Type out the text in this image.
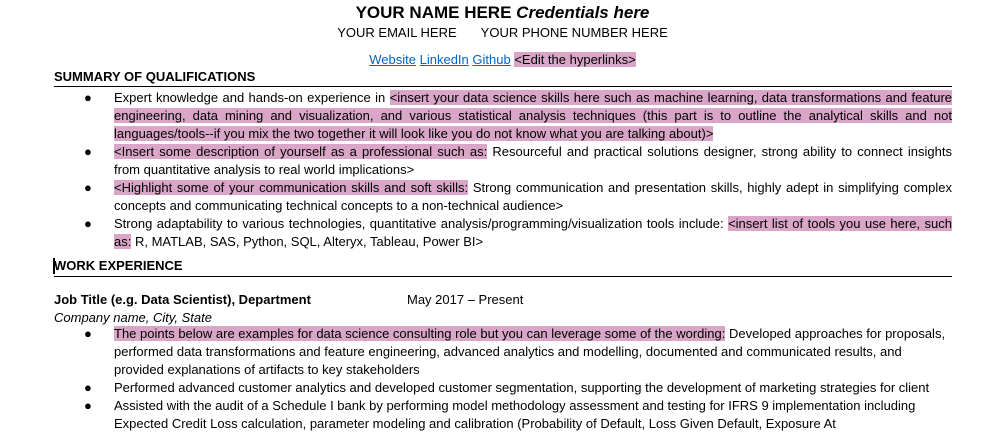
YOUR NAME HERE Credentials here
YOUR EMAIL HERE YOUR PHONE NUMBER HERE
Website LinkedIn Github <Edit the hyperlinks>
SUMMARY OF QUALIFICATIONS
● Expert knowledge and hands-on experience in <insert your data science skills here such as machine learning, data transformations and feature engineering, data mining and visualization, and various statistical analysis techniques (this part is to outline the analytical skills and not languages/tools--if you mix the two together it will look like you do not know what you are talking about)>
● <Insert some description of yourself as a professional such as: Resourceful and practical solutions designer, strong ability to connect insights from quantitative analysis to real world implications>
● <Highlight some of your communication skills and soft skills: Strong communication and presentation skills, highly adept in simplifying complex concepts and communicating technical concepts to a non-technical audience>
● Strong adaptability to various technologies, quantitative analysis/programming/visualization tools include: <insert list of tools you use here, such as: R, MATLAB, SAS, Python, SQL, Alteryx, Tableau, Power BI>
WORK EXPERIENCE
Job Title (e.g. Data Scientist), Department	May 2017 – Present
Company name, City, State
● The points below are examples for data science consulting role but you can leverage some of the wording: Developed approaches for proposals, performed data transformations and feature engineering, advanced analytics and modelling, documented and communicated results, and provided explanations of artifacts to key stakeholders
● Performed advanced customer analytics and developed customer segmentation, supporting the development of marketing strategies for client
● Assisted with the audit of a Schedule I bank by performing model methodology assessment and testing for IFRS 9 implementation including Expected Credit Loss calculation, parameter modeling and calibration (Probability of Default, Loss Given Default, Exposure At
